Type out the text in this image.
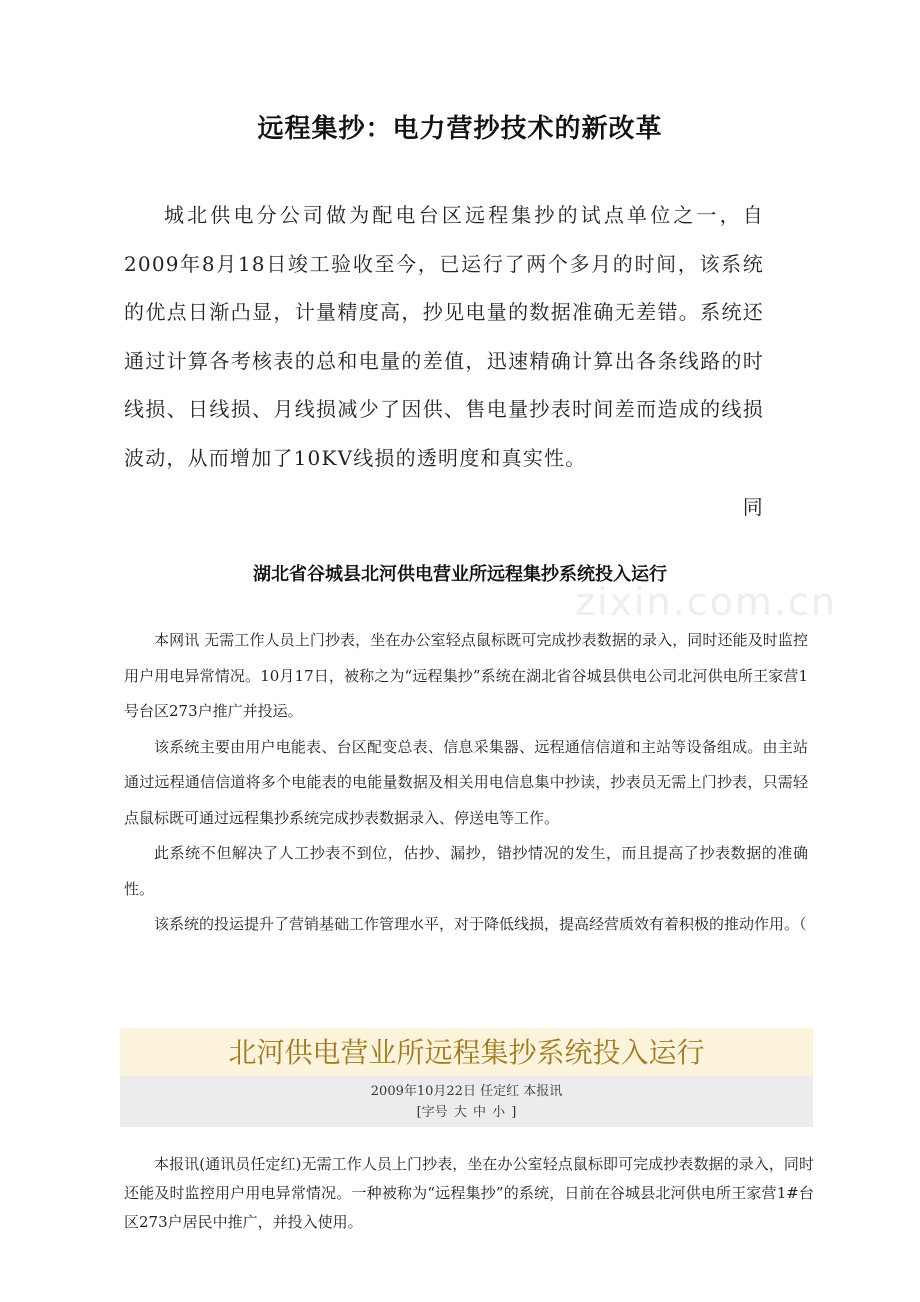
远程集抄：电力营抄技术的新改革

城北供电分公司做为配电台区远程集抄的试点单位之一，自2009年8月18日竣工验收至今，已运行了两个多月的时间，该系统的优点日渐凸显，计量精度高，抄见电量的数据准确无差错。系统还通过计算各考核表的总和电量的差值，迅速精确计算出各条线路的时线损、日线损、月线损减少了因供、售电量抄表时间差而造成的线损波动，从而增加了10KV线损的透明度和真实性。

同

zixin.com.cn
湖北省谷城县北河供电营业所远程集抄系统投入运行

本网讯 无需工作人员上门抄表，坐在办公室轻点鼠标既可完成抄表数据的录入，同时还能及时监控用户用电异常情况。10月17日，被称之为“远程集抄”系统在湖北省谷城县供电公司北河供电所王家营1号台区273户推广并投运。

该系统主要由用户电能表、台区配变总表、信息采集器、远程通信信道和主站等设备组成。由主站通过远程通信信道将多个电能表的电能量数据及相关用电信息集中抄读，抄表员无需上门抄表，只需轻点鼠标既可通过远程集抄系统完成抄表数据录入、停送电等工作。

此系统不但解决了人工抄表不到位，估抄、漏抄，错抄情况的发生，而且提高了抄表数据的准确性。

该系统的投运提升了营销基础工作管理水平，对于降低线损，提高经营质效有着积极的推动作用。（

北河供电营业所远程集抄系统投入运行
2009年10月22日 任定红 本报讯
[字号 大 中 小 ]

本报讯(通讯员任定红)无需工作人员上门抄表，坐在办公室轻点鼠标即可完成抄表数据的录入，同时还能及时监控用户用电异常情况。一种被称为“远程集抄”的系统，日前在谷城县北河供电所王家营1#台区273户居民中推广，并投入使用。
